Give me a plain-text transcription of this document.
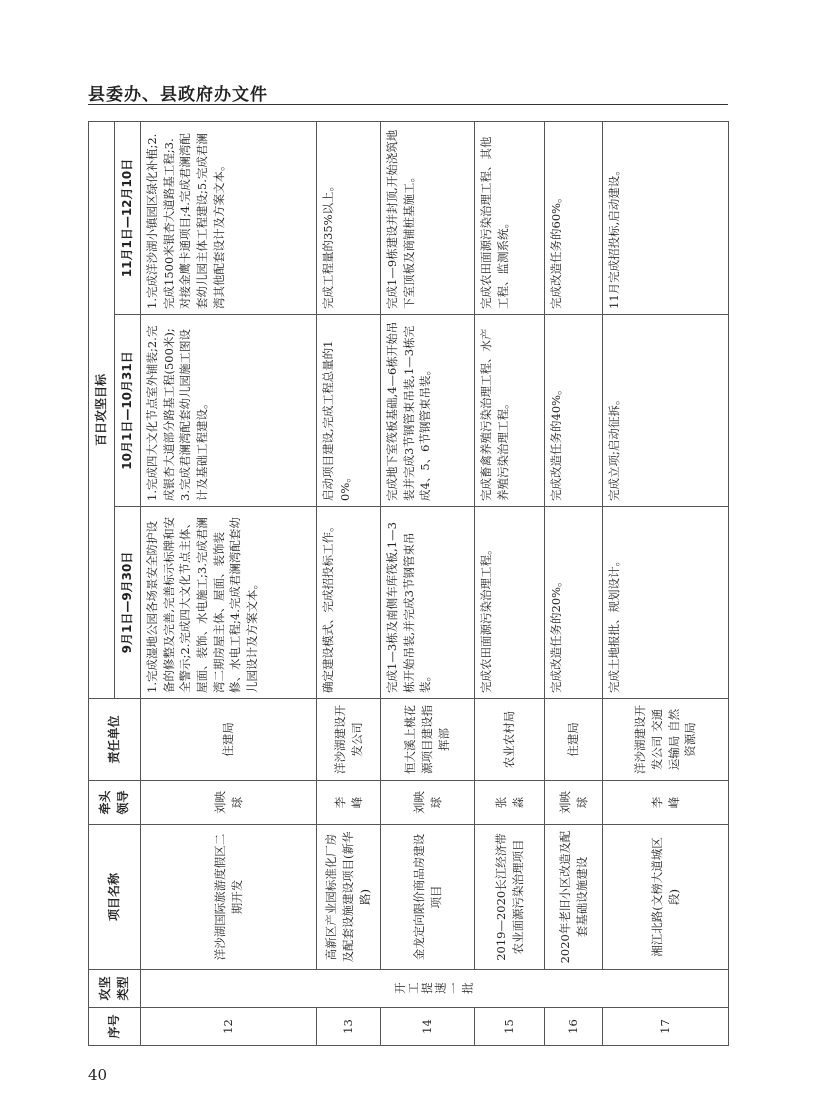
县委办、县政府办文件
序号	攻坚类型	项目名称	牵头领导	责任单位	百日攻坚目标		
					9月1日—9月30日	10月1日—10月31日	11月1日—12月10日
12	开工提速一批	洋沙湖国际旅游度假区二期开发	刘映球	住建局	1.完成湿地公园各场景安全防护设备的修整及完善,完善标示标牌和安全警示;2.完成四大文化节点主体、屋面、装饰、水电施工;3.完成君澜湾二期房屋主体、屋面、装饰装修、水电工程;4.完成君澜湾配套幼儿园设计及方案文本。	1.完成四大文化节点室外铺装;2.完成银杏大道部分路基工程(500米);3.完成君澜湾配套幼儿园施工图设计及基础工程建设。	1.完成洋沙湖小镇园区绿化补植;2.完成1500米银杏大道路基工程;3.对接金鹰卡通项目;4.完成君澜湾配套幼儿园主体工程建设;5.完成君澜湾其他配套设计及方案文本。
13		高新区产业园标准化厂房及配套设施建设项目(新华路)	李　峰	洋沙湖建设开发公司	确定建设模式、完成招投标工作。	启动项目建设,完成工程总量的10%。	完成工程量的35%以上。
14		金龙定向限价商品房建设项目	刘映球	恒大溪上桃花源项目建设指挥部	完成1—3栋及南侧车库筏板,1—3栋开始吊装,并完成3节钢管束吊装。	完成地下室筏板基础,4—6栋开始吊装并完成3节钢管束吊装,1—3栋完成4、5、6节钢管束吊装。	完成1—9栋建设并封顶,开始浇筑地下室顶板及商铺桩基施工。
15		2019—2020长江经济带农业面源污染治理项目	张　淼	农业农村局	完成农田面源污染治理工程。	完成畜禽养殖污染治理工程、水产养殖污染治理工程。	完成农田面源污染治理工程、其他工程、监测系统。
16		2020年老旧小区改造及配套基础设施建设	刘映球	住建局	完成改造任务的20%。	完成改造任务的40%。	完成改造任务的60%。
17		湘江北路(文榜大道城区段)	李　峰	洋沙湖建设开发公司 交通运输局 自然资源局	完成土地报批、规划设计。	完成立项;启动征拆。	11月完成招投标,启动建设。
40
